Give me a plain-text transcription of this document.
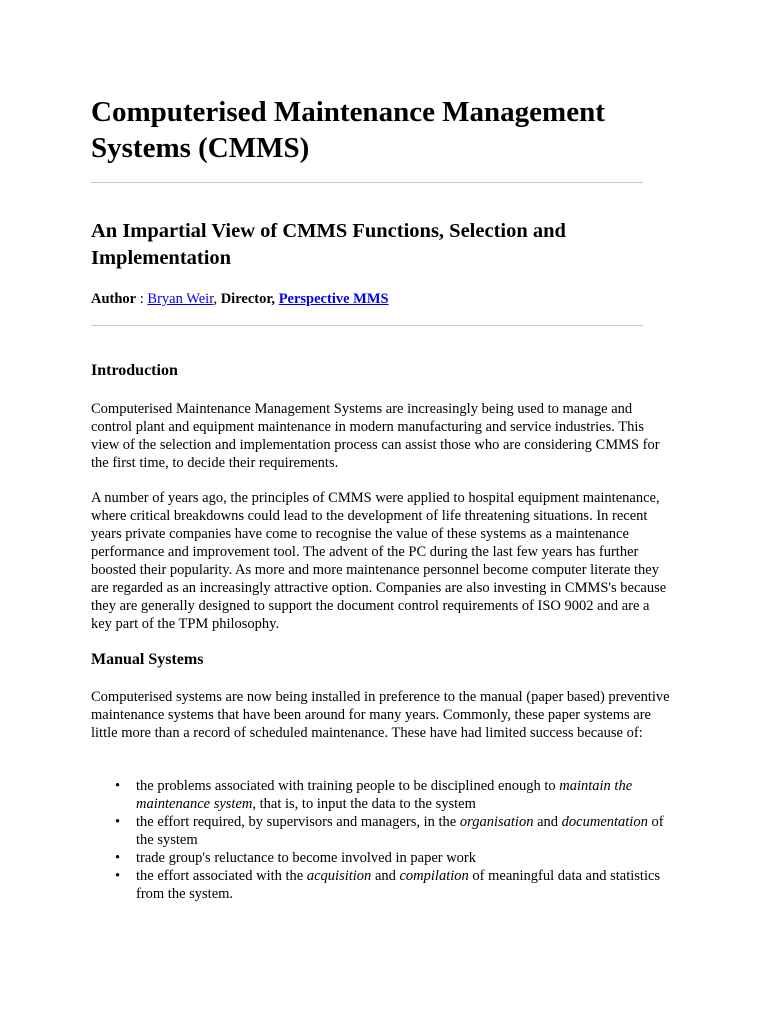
Computerised Maintenance Management Systems (CMMS)
An Impartial View of CMMS Functions, Selection and Implementation
Author : Bryan Weir, Director, Perspective MMS
Introduction

Computerised Maintenance Management Systems are increasingly being used to manage and control plant and equipment maintenance in modern manufacturing and service industries. This view of the selection and implementation process can assist those who are considering CMMS for the first time, to decide their requirements.

A number of years ago, the principles of CMMS were applied to hospital equipment maintenance, where critical breakdowns could lead to the development of life threatening situations. In recent years private companies have come to recognise the value of these systems as a maintenance performance and improvement tool. The advent of the PC during the last few years has further boosted their popularity. As more and more maintenance personnel become computer literate they are regarded as an increasingly attractive option. Companies are also investing in CMMS's because they are generally designed to support the document control requirements of ISO 9002 and are a key part of the TPM philosophy.

Manual Systems

Computerised systems are now being installed in preference to the manual (paper based) preventive maintenance systems that have been around for many years. Commonly, these paper systems are little more than a record of scheduled maintenance. These have had limited success because of:

• the problems associated with training people to be disciplined enough to maintain the maintenance system, that is, to input the data to the system
• the effort required, by supervisors and managers, in the organisation and documentation of the system
• trade group's reluctance to become involved in paper work
• the effort associated with the acquisition and compilation of meaningful data and statistics from the system.
